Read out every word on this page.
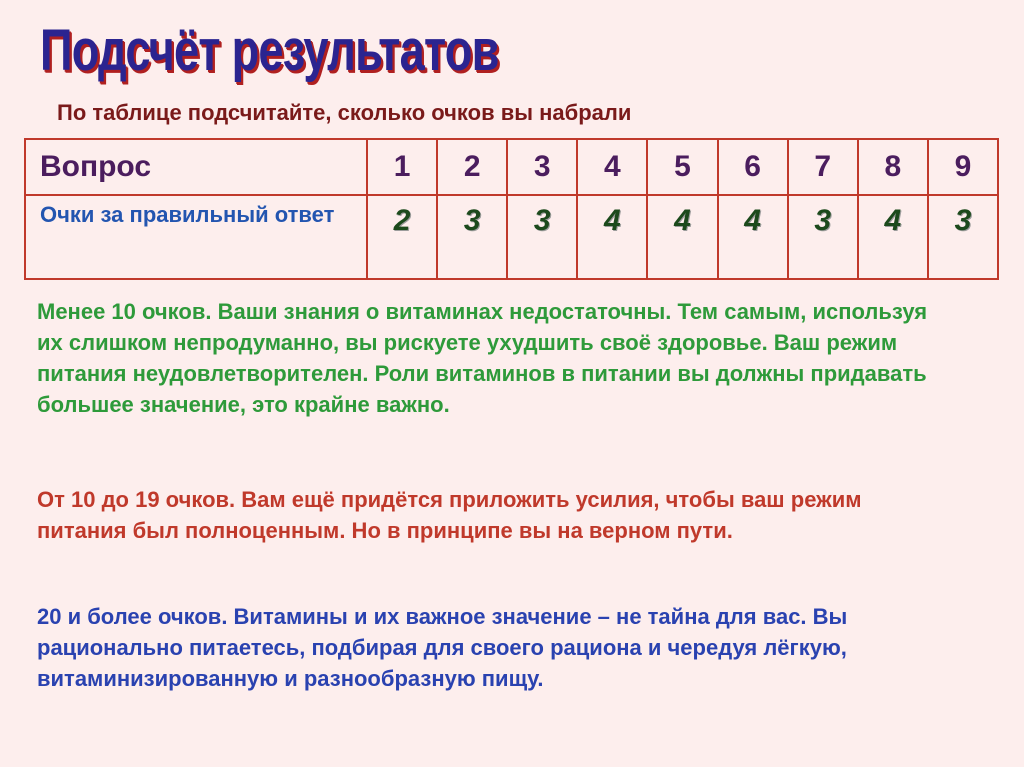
Подсчёт результатов
По таблице подсчитайте, сколько очков вы набрали
Вопрос	1	2	3	4	5	6	7	8	9
Очки за правильный ответ	2	3	3	4	4	4	3	4	3
Менее 10 очков. Ваши знания о витаминах недостаточны. Тем самым, используя их слишком непродуманно, вы рискуете ухудшить своё здоровье. Ваш режим питания неудовлетворителен. Роли витаминов в питании вы должны придавать большее значение, это крайне важно.
От 10 до 19 очков. Вам ещё придётся приложить усилия, чтобы ваш режим питания был полноценным. Но в принципе вы на верном пути.
20 и более очков. Витамины и их важное значение – не тайна для вас. Вы рационально питаетесь, подбирая для своего рациона и чередуя лёгкую, витаминизированную и разнообразную пищу.
